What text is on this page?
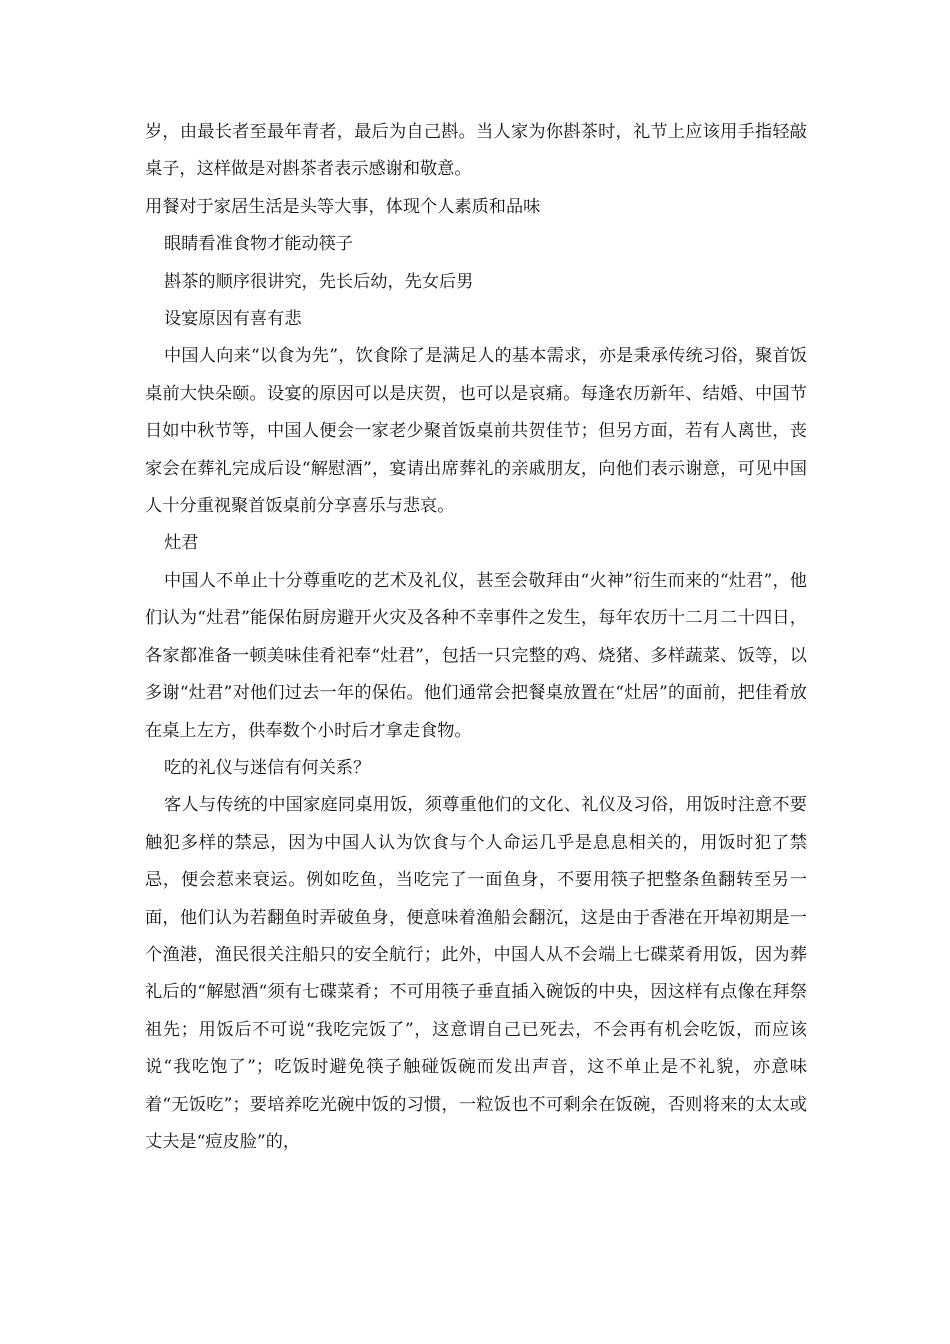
岁，由最长者至最年青者，最后为自己斟。当人家为你斟茶时，礼节上应该用手指轻敲桌子，这样做是对斟茶者表示感谢和敬意。

用餐对于家居生活是头等大事，体现个人素质和品味

眼睛看准食物才能动筷子

斟茶的顺序很讲究，先长后幼，先女后男

设宴原因有喜有悲

中国人向来“以食为先”，饮食除了是满足人的基本需求，亦是秉承传统习俗，聚首饭桌前大快朵颐。设宴的原因可以是庆贺，也可以是哀痛。每逢农历新年、结婚、中国节日如中秋节等，中国人便会一家老少聚首饭桌前共贺佳节；但另方面，若有人离世，丧家会在葬礼完成后设“解慰酒”，宴请出席葬礼的亲戚朋友，向他们表示谢意，可见中国人十分重视聚首饭桌前分享喜乐与悲哀。

灶君

中国人不单止十分尊重吃的艺术及礼仪，甚至会敬拜由“火神”衍生而来的“灶君”，他们认为“灶君”能保佑厨房避开火灾及各种不幸事件之发生，每年农历十二月二十四日，各家都准备一顿美味佳肴祀奉“灶君”，包括一只完整的鸡、烧猪、多样蔬菜、饭等，以多谢“灶君”对他们过去一年的保佑。他们通常会把餐桌放置在“灶居”的面前，把佳肴放在桌上左方，供奉数个小时后才拿走食物。

吃的礼仪与迷信有何关系？

客人与传统的中国家庭同桌用饭，须尊重他们的文化、礼仪及习俗，用饭时注意不要触犯多样的禁忌，因为中国人认为饮食与个人命运几乎是息息相关的，用饭时犯了禁忌，便会惹来衰运。例如吃鱼，当吃完了一面鱼身，不要用筷子把整条鱼翻转至另一面，他们认为若翻鱼时弄破鱼身，便意味着渔船会翻沉，这是由于香港在开埠初期是一个渔港，渔民很关注船只的安全航行；此外，中国人从不会端上七碟菜肴用饭，因为葬礼后的“解慰酒“须有七碟菜肴；不可用筷子垂直插入碗饭的中央，因这样有点像在拜祭祖先；用饭后不可说“我吃完饭了”，这意谓自己已死去，不会再有机会吃饭，而应该说“我吃饱了”；吃饭时避免筷子触碰饭碗而发出声音，这不单止是不礼貌，亦意味着“无饭吃”；要培养吃光碗中饭的习惯，一粒饭也不可剩余在饭碗，否则将来的太太或丈夫是“痘皮脸”的，
